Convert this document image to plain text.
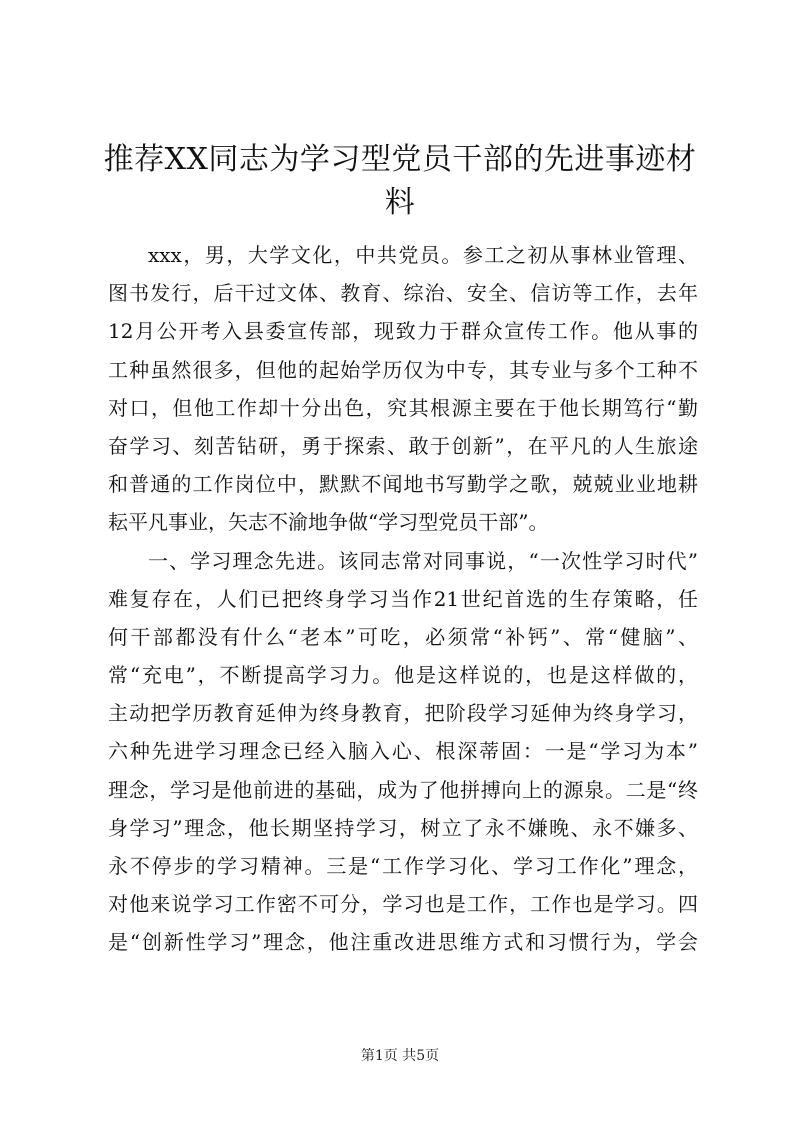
推荐XX同志为学习型党员干部的先进事迹材
料
xxx，男，大学文化，中共党员。参工之初从事林业管理、
图书发行，后干过文体、教育、综治、安全、信访等工作，去年
12月公开考入县委宣传部，现致力于群众宣传工作。他从事的
工种虽然很多，但他的起始学历仅为中专，其专业与多个工种不
对口，但他工作却十分出色，究其根源主要在于他长期笃行“勤
奋学习、刻苦钻研，勇于探索、敢于创新”，在平凡的人生旅途
和普通的工作岗位中，默默不闻地书写勤学之歌，兢兢业业地耕
耘平凡事业，矢志不渝地争做“学习型党员干部”。
一、学习理念先进。该同志常对同事说，“一次性学习时代”
难复存在，人们已把终身学习当作21世纪首选的生存策略，任
何干部都没有什么“老本”可吃，必须常“补钙”、常“健脑”、
常“充电”，不断提高学习力。他是这样说的，也是这样做的，
主动把学历教育延伸为终身教育，把阶段学习延伸为终身学习，
六种先进学习理念已经入脑入心、根深蒂固：一是“学习为本”
理念，学习是他前进的基础，成为了他拼搏向上的源泉。二是“终
身学习”理念，他长期坚持学习，树立了永不嫌晚、永不嫌多、
永不停步的学习精神。三是“工作学习化、学习工作化”理念，
对他来说学习工作密不可分，学习也是工作，工作也是学习。四
是“创新性学习”理念，他注重改进思维方式和习惯行为，学会
第1页 共5页
